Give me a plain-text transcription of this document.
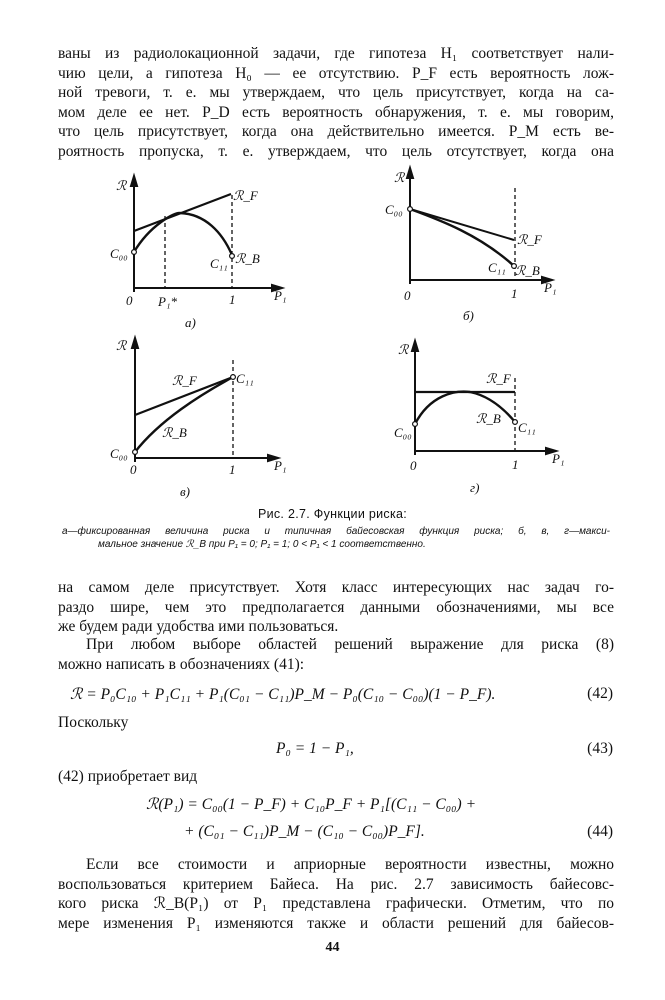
ваны из радиолокационной задачи, где гипотеза H₁ соответствует нали-
чию цели, а гипотеза H₀ — ее отсутствию. P_F есть вероятность лож-
ной тревоги, т. е. мы утверждаем, что цель присутствует, когда на са-
мом деле ее нет. P_D есть вероятность обнаружения, т. е. мы говорим,
что цель присутствует, когда она действительно имеется. P_M есть ве-
роятность пропуска, т. е. утверждаем, что цель отсутствует, когда она
ℛ
ℛ_F
C₀₀
C₁₁ ℛ_B
0 P₁*	1	P₁
а)
ℛ
C₀₀
ℛ_F
C₁₁ ℛ_B
0	1 P₁
б)
ℛ
C₁₁
ℛ_F
ℛ_B
C₀₀
0	1	P₁
в)
ℛ
ℛ_F
ℛ_B
C₁₁
C₀₀
0	1	P₁
г)
Рис. 2.7. Функции риска:
а—фиксированная величина риска и типичная байесовская функция риска; б, в, г—макси-
мальное значение ℛ_B при P₁ = 0; P₁ = 1; 0 < P₁ < 1 соответственно.
на самом деле присутствует. Хотя класс интересующих нас задач го-
раздо шире, чем это предполагается данными обозначениями, мы все
же будем ради удобства ими пользоваться.
При любом выборе областей решений выражение для риска (8)
можно написать в обозначениях (41):
ℛ = P₀C₁₀ + P₁C₁₁ + P₁(C₀₁ − C₁₁)P_M − P₀(C₁₀ − C₀₀)(1 − P_F).	(42)
Поскольку
P₀ = 1 − P₁,	(43)
(42) приобретает вид
ℛ(P₁) = C₀₀(1 − P_F) + C₁₀P_F + P₁[(C₁₁ − C₀₀) +
+ (C₀₁ − C₁₁)P_M − (C₁₀ − C₀₀)P_F].	(44)
Если все стоимости и априорные вероятности известны, можно
воспользоваться критерием Байеса. На рис. 2.7 зависимость байесовс-
кого риска ℛ_B(P₁) от P₁ представлена графически. Отметим, что по
мере изменения P₁ изменяются также и области решений для байесов-
44
